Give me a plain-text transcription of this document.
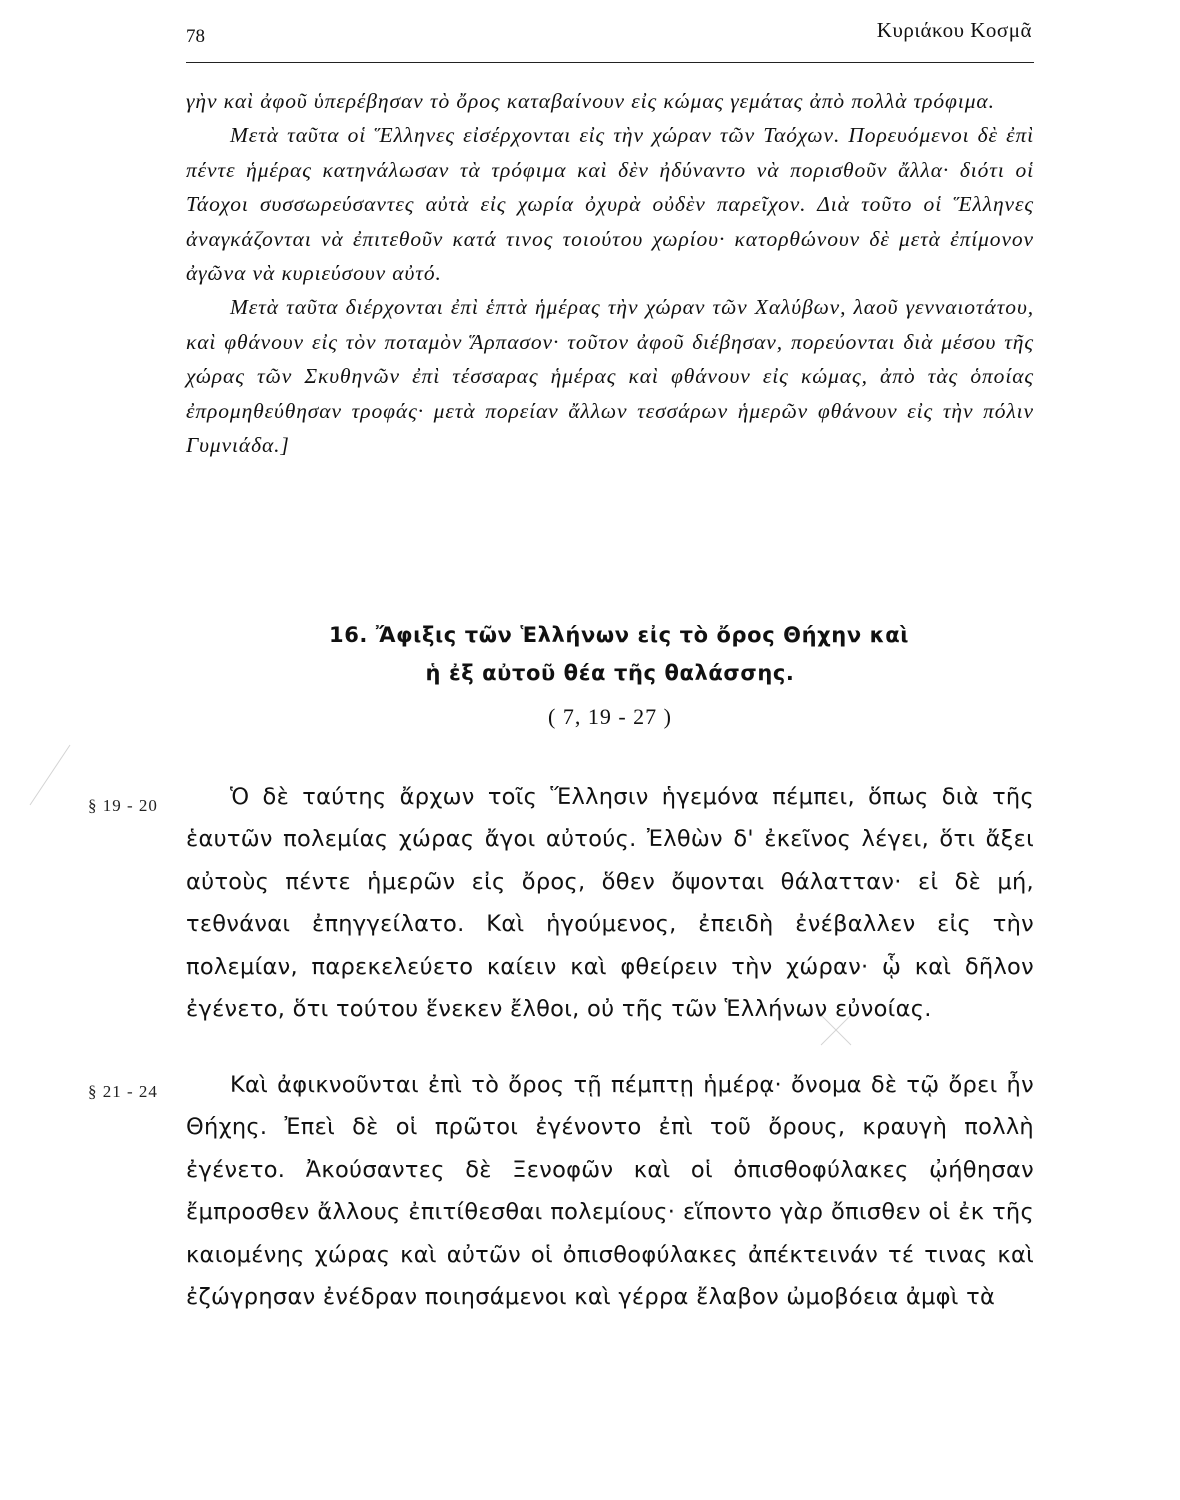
78	Κυριάκου Κοσμᾶ

γὴν καὶ ἀφοῦ ὑπερέβησαν τὸ ὄρος καταβαίνουν εἰς κώμας γεμάτας ἀπὸ πολλὰ τρόφιμα.

Μετὰ ταῦτα οἱ Ἕλληνες εἰσέρχονται εἰς τὴν χώραν τῶν Ταόχων. Πορευόμενοι δὲ ἐπὶ πέντε ἡμέρας κατηνάλωσαν τὰ τρόφιμα καὶ δὲν ἠδύναντο νὰ πορισθοῦν ἄλλα· διότι οἱ Τάοχοι συσσωρεύσαντες αὐτὰ εἰς χωρία ὀχυρὰ οὐδὲν παρεῖχον. Διὰ τοῦτο οἱ Ἕλληνες ἀναγκάζονται νὰ ἐπιτεθοῦν κατά τινος τοιούτου χωρίου· κατορθώνουν δὲ μετὰ ἐπίμονον ἀγῶνα νὰ κυριεύσουν αὐτό.

Μετὰ ταῦτα διέρχονται ἐπὶ ἑπτὰ ἡμέρας τὴν χώραν τῶν Χαλύβων, λαοῦ γενναιοτάτου, καὶ φθάνουν εἰς τὸν ποταμὸν Ἅρπασον· τοῦτον ἀφοῦ διέβησαν, πορεύονται διὰ μέσου τῆς χώρας τῶν Σκυθηνῶν ἐπὶ τέσσαρας ἡμέρας καὶ φθάνουν εἰς κώμας, ἀπὸ τὰς ὁποίας ἐπρομηθεύθησαν τροφάς· μετὰ πορείαν ἄλλων τεσσάρων ἡμερῶν φθάνουν εἰς τὴν πόλιν Γυμνιάδα.]

16. Ἄφιξις τῶν Ἑλλήνων εἰς τὸ ὄρος Θήχην καὶ
ἡ ἐξ αὐτοῦ θέα τῆς θαλάσσης.
( 7, 19 - 27 )
§ 19 - 20	Ὁ δὲ ταύτης ἄρχων τοῖς Ἕλλησιν ἡγεμόνα πέμπει, ὅπως διὰ τῆς ἑαυτῶν πολεμίας χώρας ἄγοι αὐτούς. Ἐλθὼν δ' ἐκεῖνος λέγει, ὅτι ἄξει αὐτοὺς πέντε ἡμερῶν εἰς ὄρος, ὅθεν ὄψονται θάλατταν· εἰ δὲ μή, τεθνάναι ἐπηγγείλατο. Καὶ ἡγούμενος, ἐπειδὴ ἐνέβαλλεν εἰς τὴν πολεμίαν, παρεκελεύετο καίειν καὶ φθείρειν τὴν χώραν· ᾧ καὶ δῆλον ἐγένετο, ὅτι τούτου ἕνεκεν ἔλθοι, οὐ τῆς τῶν Ἑλλήνων εὐνοίας.

§ 21 - 24	Καὶ ἀφικνοῦνται ἐπὶ τὸ ὄρος τῇ πέμπτῃ ἡμέρᾳ· ὄνομα δὲ τῷ ὄρει ἦν Θήχης. Ἐπεὶ δὲ οἱ πρῶτοι ἐγένοντο ἐπὶ τοῦ ὄρους, κραυγὴ πολλὴ ἐγένετο. Ἀκούσαντες δὲ Ξενοφῶν καὶ οἱ ὀπισθοφύλακες ᾠήθησαν ἔμπροσθεν ἄλλους ἐπιτίθεσθαι πολεμίους· εἵποντο γὰρ ὄπισθεν οἱ ἐκ τῆς καιομένης χώρας καὶ αὐτῶν οἱ ὀπισθοφύλακες ἀπέκτεινάν τέ τινας καὶ ἐζώγρησαν ἐνέδραν ποιησάμενοι καὶ γέρρα ἔλαβον ὠμοβόεια ἀμφὶ τὰ
